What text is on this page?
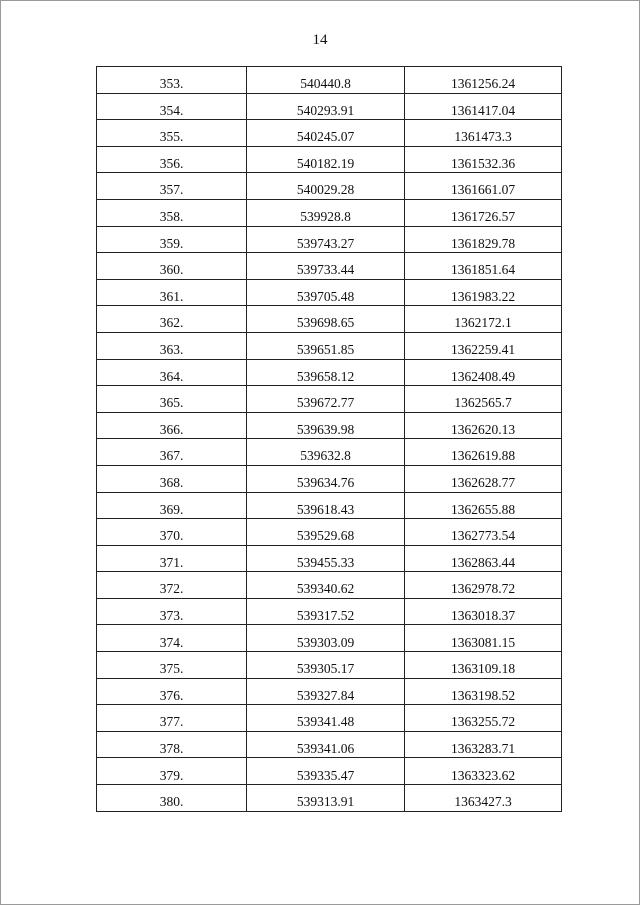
14
353.	540440.8	1361256.24
354.	540293.91	1361417.04
355.	540245.07	1361473.3
356.	540182.19	1361532.36
357.	540029.28	1361661.07
358.	539928.8	1361726.57
359.	539743.27	1361829.78
360.	539733.44	1361851.64
361.	539705.48	1361983.22
362.	539698.65	1362172.1
363.	539651.85	1362259.41
364.	539658.12	1362408.49
365.	539672.77	1362565.7
366.	539639.98	1362620.13
367.	539632.8	1362619.88
368.	539634.76	1362628.77
369.	539618.43	1362655.88
370.	539529.68	1362773.54
371.	539455.33	1362863.44
372.	539340.62	1362978.72
373.	539317.52	1363018.37
374.	539303.09	1363081.15
375.	539305.17	1363109.18
376.	539327.84	1363198.52
377.	539341.48	1363255.72
378.	539341.06	1363283.71
379.	539335.47	1363323.62
380.	539313.91	1363427.3
